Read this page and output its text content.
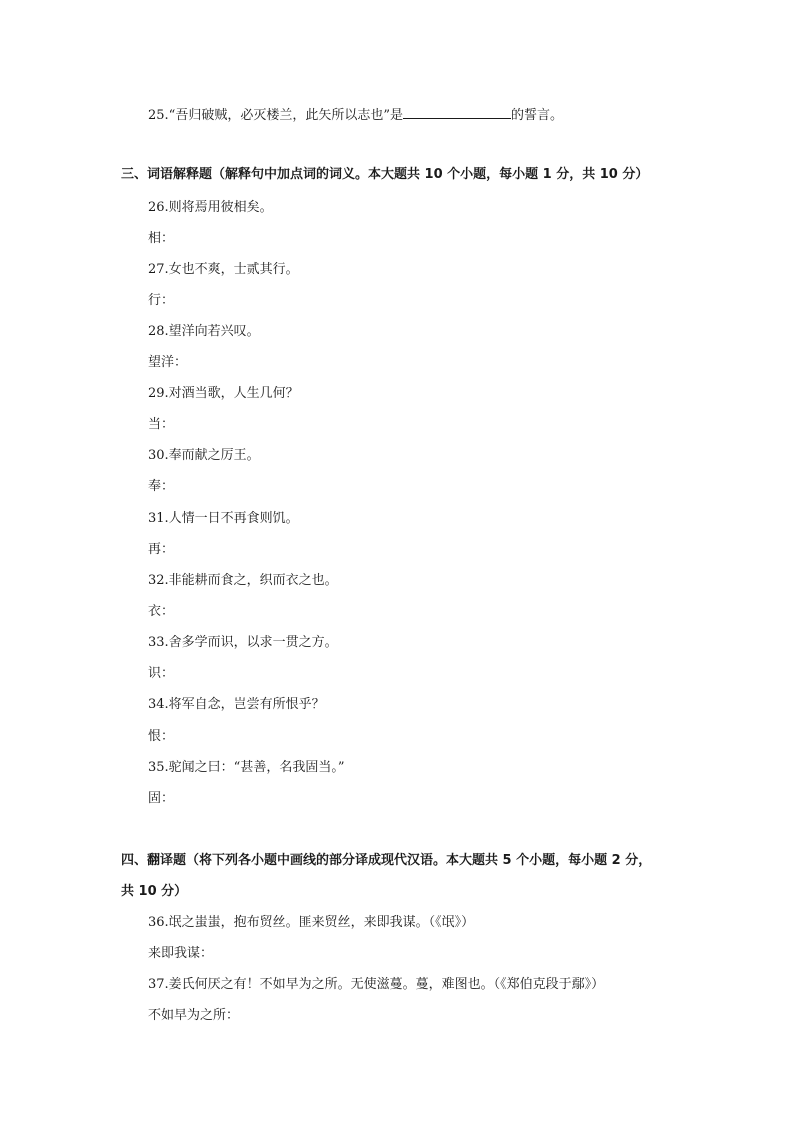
25.“吾归破贼，必灭楼兰，此矢所以志也”是	的誓言。
三、词语解释题（解释句中加点词的词义。本大题共 10 个小题，每小题 1 分，共 10 分）
26.则将焉用彼相矣。
相：
27.女也不爽，士贰其行。
行：
28.望洋向若兴叹。
望洋：
29.对酒当歌，人生几何？
当：
30.奉而献之厉王。
奉：
31.人情一日不再食则饥。
再：
32.非能耕而食之，织而衣之也。
衣：
33.舍多学而识，以求一贯之方。
识：
34.将军自念，岂尝有所恨乎？
恨：
35.驼闻之曰：“甚善，名我固当。”
固：
四、翻译题（将下列各小题中画线的部分译成现代汉语。本大题共 5 个小题，每小题 2 分，
共 10 分）
36.氓之蚩蚩，抱布贸丝。匪来贸丝，来即我谋。（《氓》）
来即我谋：
37.姜氏何厌之有！不如早为之所。无使滋蔓。蔓，难图也。（《郑伯克段于鄢》）
不如早为之所：
